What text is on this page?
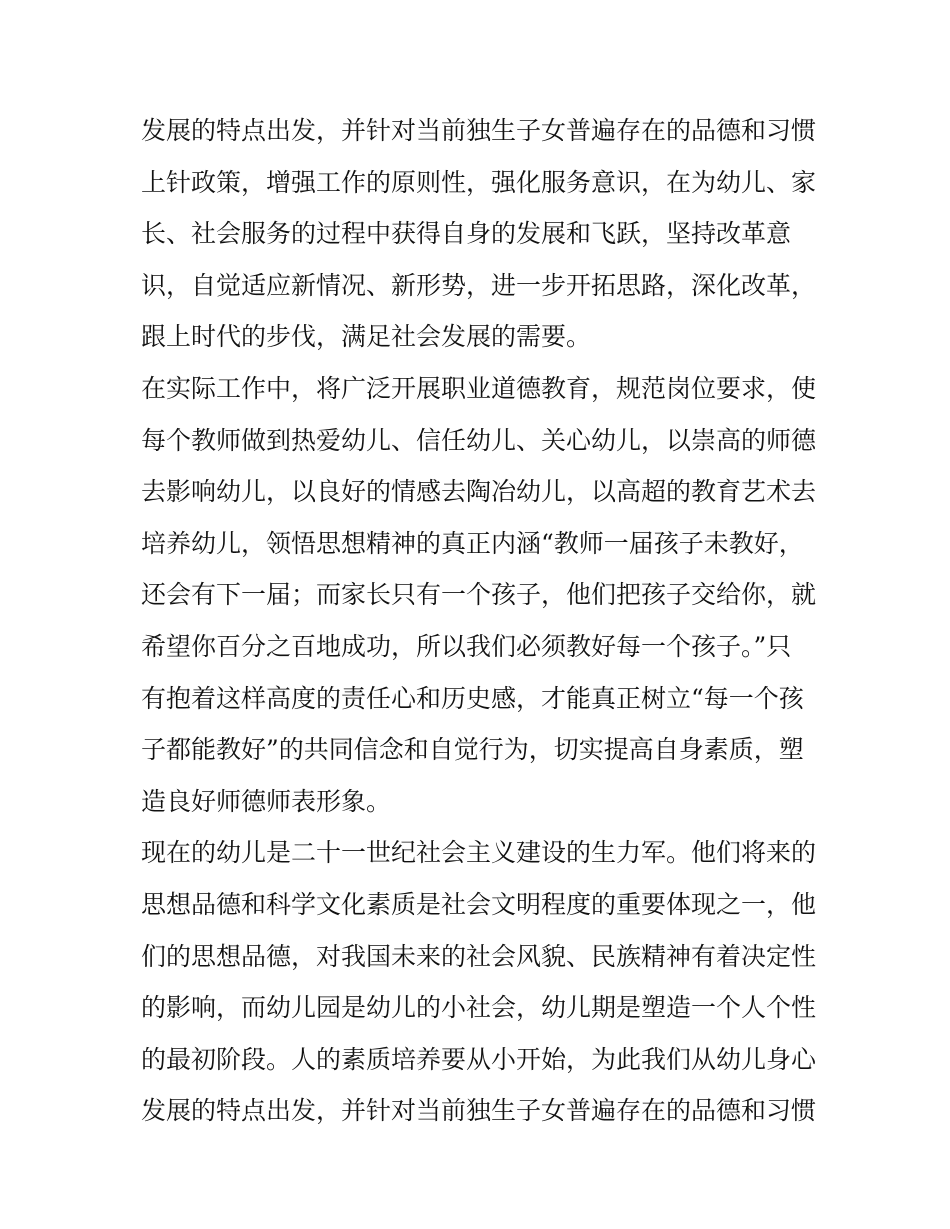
发展的特点出发，并针对当前独生子女普遍存在的品德和习惯
上针政策，增强工作的原则性，强化服务意识，在为幼儿、家
长、社会服务的过程中获得自身的发展和飞跃，坚持改革意
识，自觉适应新情况、新形势，进一步开拓思路，深化改革，
跟上时代的步伐，满足社会发展的需要。
在实际工作中，将广泛开展职业道德教育，规范岗位要求，使
每个教师做到热爱幼儿、信任幼儿、关心幼儿，以崇高的师德
去影响幼儿，以良好的情感去陶冶幼儿，以高超的教育艺术去
培养幼儿，领悟思想精神的真正内涵“教师一届孩子未教好，
还会有下一届；而家长只有一个孩子，他们把孩子交给你，就
希望你百分之百地成功，所以我们必须教好每一个孩子。”只
有抱着这样高度的责任心和历史感，才能真正树立“每一个孩
子都能教好”的共同信念和自觉行为，切实提高自身素质，塑
造良好师德师表形象。
现在的幼儿是二十一世纪社会主义建设的生力军。他们将来的
思想品德和科学文化素质是社会文明程度的重要体现之一，他
们的思想品德，对我国未来的社会风貌、民族精神有着决定性
的影响，而幼儿园是幼儿的小社会，幼儿期是塑造一个人个性
的最初阶段。人的素质培养要从小开始，为此我们从幼儿身心
发展的特点出发，并针对当前独生子女普遍存在的品德和习惯
